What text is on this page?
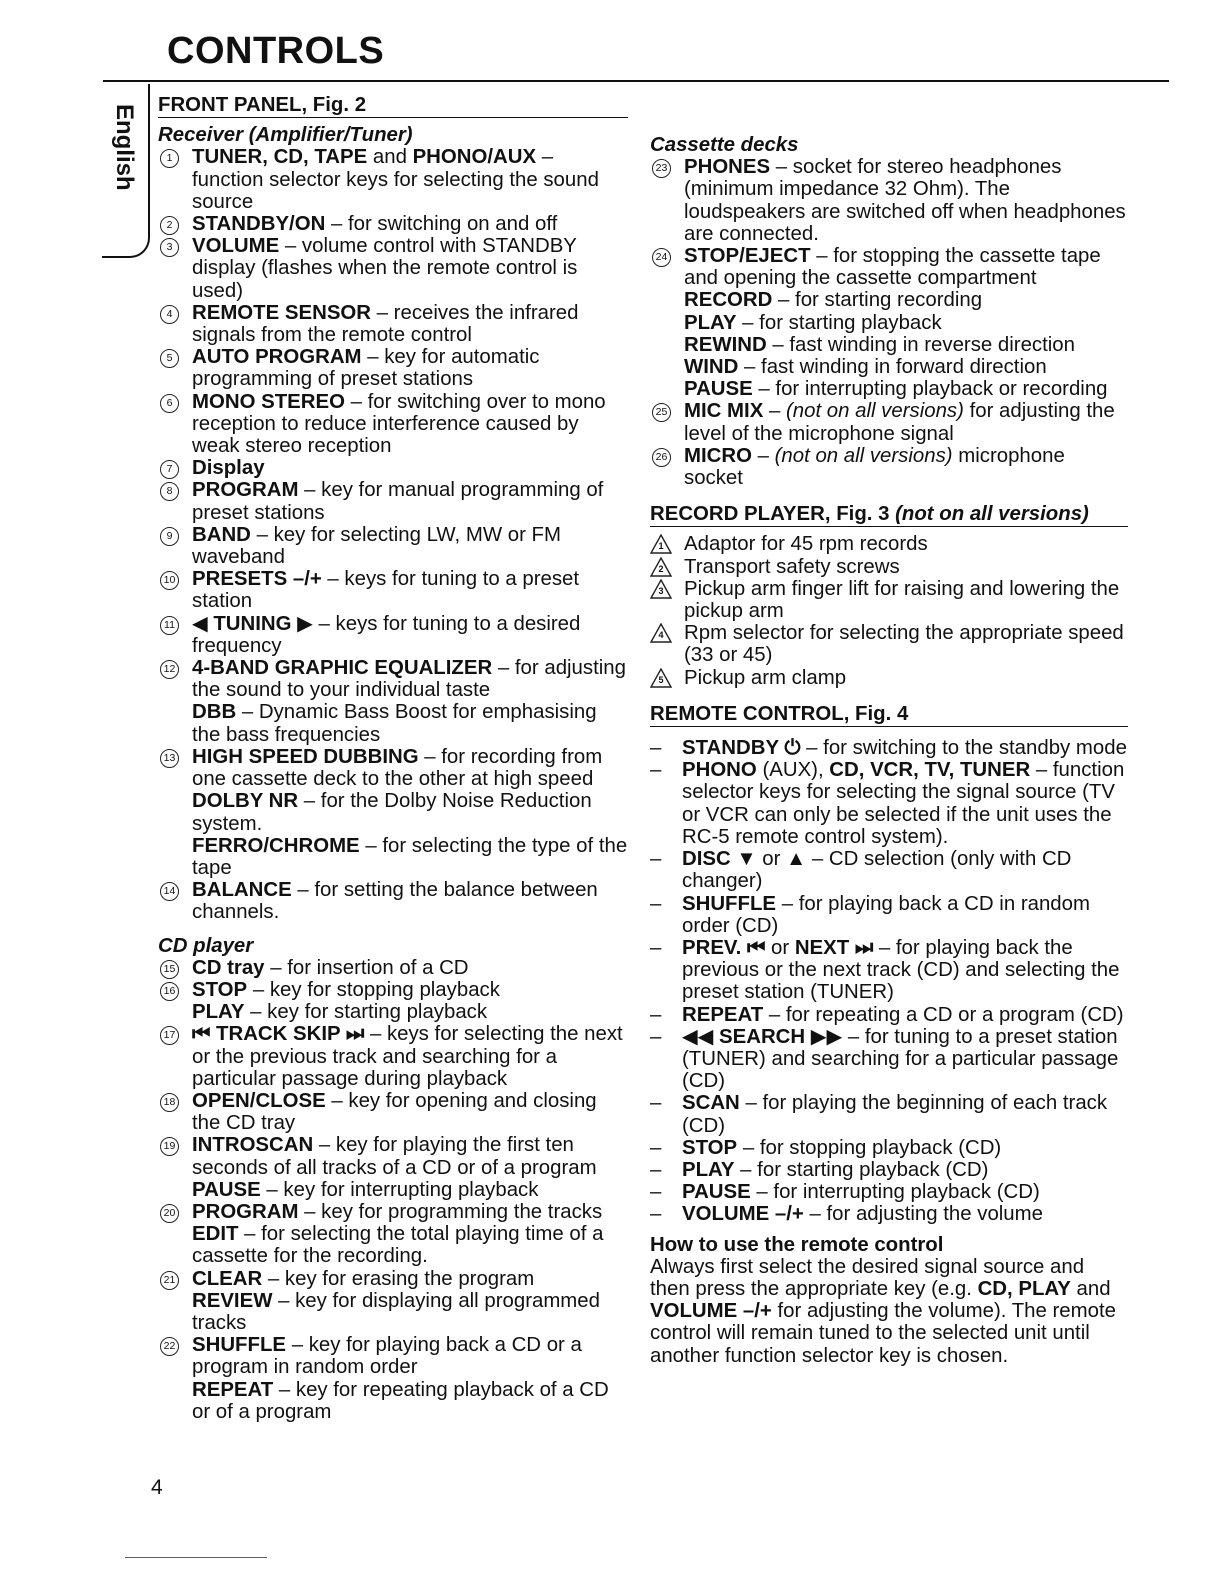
CONTROLS
English FRONT PANEL, Fig. 2
Receiver (Amplifier/Tuner)
1 TUNER, CD, TAPE and PHONO/AUX – function selector keys for selecting the sound source
2 STANDBY/ON – for switching on and off
3 VOLUME – volume control with STANDBY display (flashes when the remote control is used)
4 REMOTE SENSOR – receives the infrared signals from the remote control
5 AUTO PROGRAM – key for automatic programming of preset stations
6 MONO STEREO – for switching over to mono reception to reduce interference caused by weak stereo reception
7 Display
8 PROGRAM – key for manual programming of preset stations
9 BAND – key for selecting LW, MW or FM waveband
10 PRESETS –/+ – keys for tuning to a preset station
11 ◀ TUNING ▶ – keys for tuning to a desired frequency
12 4-BAND GRAPHIC EQUALIZER – for adjusting the sound to your individual taste
DBB – Dynamic Bass Boost for emphasising the bass frequencies
13 HIGH SPEED DUBBING – for recording from one cassette deck to the other at high speed
DOLBY NR – for the Dolby Noise Reduction system.
FERRO/CHROME – for selecting the type of the tape
14 BALANCE – for setting the balance between channels.
CD player
15 CD tray – for insertion of a CD
16 STOP – key for stopping playback
PLAY – key for starting playback
17 ⏮ TRACK SKIP ⏭ – keys for selecting the next or the previous track and searching for a particular passage during playback
18 OPEN/CLOSE – key for opening and closing the CD tray
19 INTROSCAN – key for playing the first ten seconds of all tracks of a CD or of a program
PAUSE – key for interrupting playback
20 PROGRAM – key for programming the tracks
EDIT – for selecting the total playing time of a cassette for the recording.
21 CLEAR – key for erasing the program
REVIEW – key for displaying all programmed tracks
22 SHUFFLE – key for playing back a CD or a program in random order
REPEAT – key for repeating playback of a CD or of a program
Cassette decks
23 PHONES – socket for stereo headphones (minimum impedance 32 Ohm). The loudspeakers are switched off when headphones are connected.
24 STOP/EJECT – for stopping the cassette tape and opening the cassette compartment
RECORD – for starting recording
PLAY – for starting playback
REWIND – fast winding in reverse direction
WIND – fast winding in forward direction
PAUSE – for interrupting playback or recording
25 MIC MIX – (not on all versions) for adjusting the level of the microphone signal
26 MICRO – (not on all versions) microphone socket
RECORD PLAYER, Fig. 3 (not on all versions)
1	Adaptor for 45 rpm records
2	Transport safety screws
3	Pickup arm finger lift for raising and lowering the pickup arm
4	Rpm selector for selecting the appropriate speed (33 or 45)
5	Pickup arm clamp
REMOTE CONTROL, Fig. 4
– STANDBY ⏻ – for switching to the standby mode
– PHONO (AUX), CD, VCR, TV, TUNER – function selector keys for selecting the signal source (TV or VCR can only be selected if the unit uses the RC-5 remote control system).
– DISC ▼ or ▲ – CD selection (only with CD changer)
– SHUFFLE – for playing back a CD in random order (CD)
– PREV. ⏮ or NEXT ⏭ – for playing back the previous or the next track (CD) and selecting the preset station (TUNER)
– REPEAT – for repeating a CD or a program (CD)
– ◀◀ SEARCH ▶▶ – for tuning to a preset station (TUNER) and searching for a particular passage (CD)
– SCAN – for playing the beginning of each track (CD)
– STOP – for stopping playback (CD)
– PLAY – for starting playback (CD)
– PAUSE – for interrupting playback (CD)
– VOLUME –/+ – for adjusting the volume
How to use the remote control
Always first select the desired signal source and then press the appropriate key (e.g. CD, PLAY and VOLUME –/+ for adjusting the volume). The remote control will remain tuned to the selected unit until another function selector key is chosen.
4
